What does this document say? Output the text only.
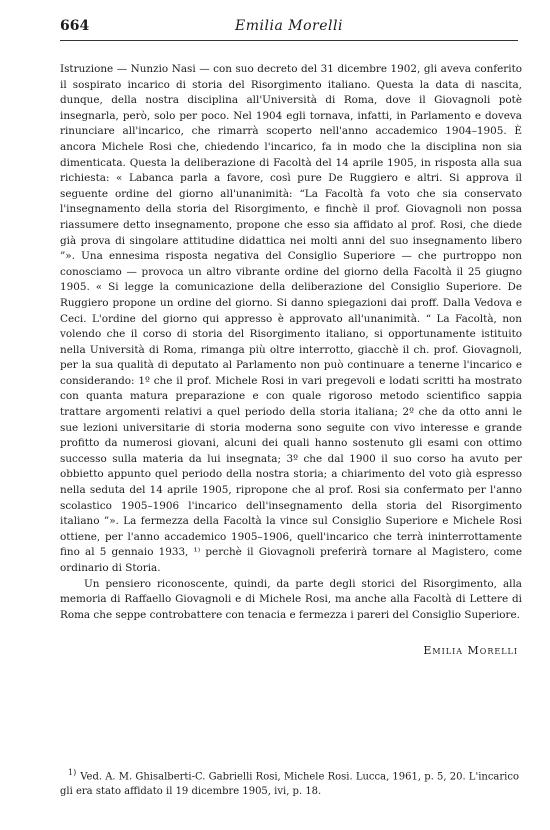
664	Emilia Morelli

Istruzione — Nunzio Nasi — con suo decreto del 31 dicembre 1902, gli aveva conferito il sospirato incarico di storia del Risorgimento italiano. Questa la data di nascita, dunque, della nostra disciplina all'Università di Roma, dove il Giovagnoli potè insegnarla, però, solo per poco. Nel 1904 egli tornava, infatti, in Parlamento e doveva rinunciare all'incarico, che rimarrà scoperto nell'anno accademico 1904–1905. È ancora Michele Rosi che, chiedendo l'incarico, fa in modo che la disciplina non sia dimenticata. Questa la deliberazione di Facoltà del 14 aprile 1905, in risposta alla sua richiesta: « Labanca parla a favore, così pure De Ruggiero e altri. Si approva il seguente ordine del giorno all'unanimità: “La Facoltà fa voto che sia conservato l'insegnamento della storia del Risorgimento, e finchè il prof. Giovagnoli non possa riassumere detto insegnamento, propone che esso sia affidato al prof. Rosi, che diede già prova di singolare attitudine didattica nei molti anni del suo insegnamento libero ”». Una ennesima risposta negativa del Consiglio Superiore — che purtroppo non conosciamo — provoca un altro vibrante ordine del giorno della Facoltà il 25 giugno 1905. « Si legge la comunicazione della deliberazione del Consiglio Superiore. De Ruggiero propone un ordine del giorno. Si danno spiegazioni dai proff. Dalla Vedova e Ceci. L'ordine del giorno qui appresso è approvato all'unanimità. “ La Facoltà, non volendo che il corso di storia del Risorgimento italiano, si opportunamente istituito nella Università di Roma, rimanga più oltre interrotto, giacchè il ch. prof. Giovagnoli, per la sua qualità di deputato al Parlamento non può continuare a tenerne l'incarico e considerando: 1º che il prof. Michele Rosi in vari pregevoli e lodati scritti ha mostrato con quanta matura preparazione e con quale rigoroso metodo scientifico sappia trattare argomenti relativi a quel periodo della storia italiana; 2º che da otto anni le sue lezioni universitarie di storia moderna sono seguite con vivo interesse e grande profitto da numerosi giovani, alcuni dei quali hanno sostenuto gli esami con ottimo successo sulla materia da lui insegnata; 3º che dal 1900 il suo corso ha avuto per obbietto appunto quel periodo della nostra storia; a chiarimento del voto già espresso nella seduta del 14 aprile 1905, ripropone che al prof. Rosi sia confermato per l'anno scolastico 1905–1906 l'incarico dell'insegnamento della storia del Risorgimento italiano ”». La fermezza della Facoltà la vince sul Consiglio Superiore e Michele Rosi ottiene, per l'anno accademico 1905–1906, quell'incarico che terrà ininterrottamente fino al 5 gennaio 1933, ¹⁾ perchè il Giovagnoli preferirà tornare al Magistero, come ordinario di Storia.

Un pensiero riconoscente, quindi, da parte degli storici del Risorgimento, alla memoria di Raffaello Giovagnoli e di Michele Rosi, ma anche alla Facoltà di Lettere di Roma che seppe controbattere con tenacia e fermezza i pareri del Consiglio Superiore.

Emilia Morelli
$^{1)}$ Ved. A. M. Ghisalberti-C. Gabrielli Rosi, Michele Rosi. Lucca, 1961, p. 5, 20. L'incarico gli era stato affidato il 19 dicembre 1905, ivi, p. 18.
